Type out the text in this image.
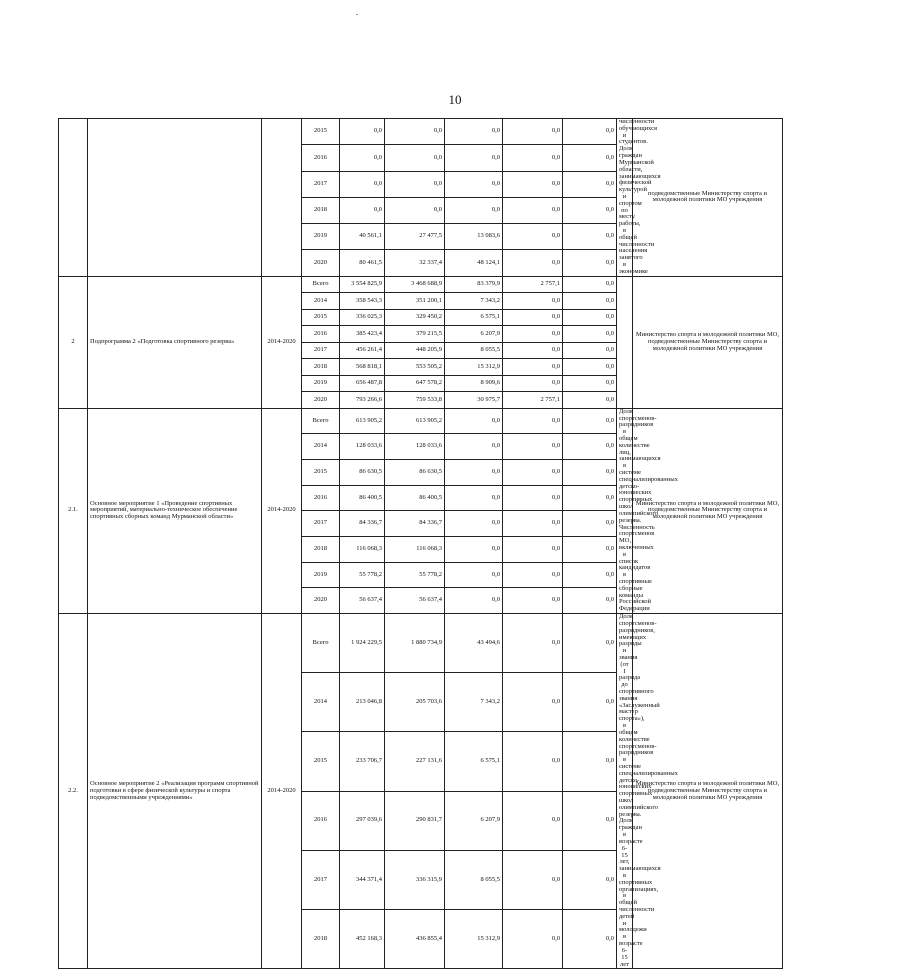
10
			2015	0,0	0,0	0,0	0,0	0,0	численности обучающихся и студентов. Доля граждан Мурманской области, занимающихся физической культурой и спортом по месту работы, в общей численности населения занятого в экономике	подведомственные Министерству спорта и молодежной политики МО учреждения
			2016	0,0	0,0	0,0	0,0	0,0		
			2017	0,0	0,0	0,0	0,0	0,0		
			2018	0,0	0,0	0,0	0,0	0,0		
			2019	40 561,1	27 477,5	13 083,6	0,0	0,0		
			2020	80 461,5	32 337,4	48 124,1	0,0	0,0		
2	Подпрограмма 2 «Подготовка спортивного резерва»	2014-2020	Всего	3 554 825,9	3 468 688,9	83 379,9	2 757,1	0,0		Министерство спорта и молодежной политики МО, подведомственные Министерству спорта и молодежной политики МО учреждения
			2014	358 543,3	351 200,1	7 343,2	0,0	0,0		
			2015	336 025,3	329 450,2	6 575,1	0,0	0,0		
			2016	385 423,4	379 215,5	6 207,9	0,0	0,0		
			2017	456 261,4	448 205,9	8 055,5	0,0	0,0		
			2018	568 818,1	553 505,2	15 312,9	0,0	0,0		
			2019	656 487,8	647 578,2	8 909,6	0,0	0,0		
			2020	793 266,6	759 533,8	30 975,7	2 757,1	0,0		
2.1.	Основное мероприятие 1 «Проведение спортивных мероприятий, материально-техническое обеспечение спортивных сборных команд Мурманской области»	2014-2020	Всего	613 905,2	613 905,2	0,0	0,0	0,0	Доля спортсменов-разрядников в общем количестве лиц, занимающихся в системе специализированных детско-юношеских спортивных школ олимпийского резерва. Численность спортсменов МО, включенных в список кандидатов в спортивные сборные команды Российской Федерации	Министерство спорта и молодежной политики МО, подведомственные Министерству спорта и молодежной политики МО учреждения
			2014	128 033,6	128 033,6	0,0	0,0	0,0		
			2015	86 630,5	86 630,5	0,0	0,0	0,0		
			2016	86 400,5	86 400,5	0,0	0,0	0,0		
			2017	84 336,7	84 336,7	0,0	0,0	0,0		
			2018	116 068,3	116 068,3	0,0	0,0	0,0		
			2019	55 778,2	55 778,2	0,0	0,0	0,0		
			2020	56 637,4	56 637,4	0,0	0,0	0,0		
2.2.	Основное мероприятие 2 «Реализация программ спортивной подготовки в сфере физической культуры и спорта подведомственными учреждениями»	2014-2020	Всего	1 924 229,5	1 880 734,9	43 494,6	0,0	0,0	Доля спортсменов-разрядников, имеющих разряды и звания (от I разряда до спортивного звания «Заслуженный мастер спорта»), в общем количестве спортсменов-разрядников в системе специализированных детско-юношеских спортивных школ олимпийского резерва. Доля граждан в возрасте 6-15 лет, занимающихся в спортивных организациях, в общей численности детей и молодежи в возрасте 6-15 лет	Министерство спорта и молодежной политики МО, подведомственные Министерству спорта и молодежной политики МО учреждения
			2014	213 046,8	205 703,6	7 343,2	0,0	0,0		
			2015	233 706,7	227 131,6	6 575,1	0,0	0,0		
			2016	297 039,6	290 831,7	6 207,9	0,0	0,0		
			2017	344 371,4	336 315,9	8 055,5	0,0	0,0		
			2018	452 168,3	436 855,4	15 312,9	0,0	0,0		
